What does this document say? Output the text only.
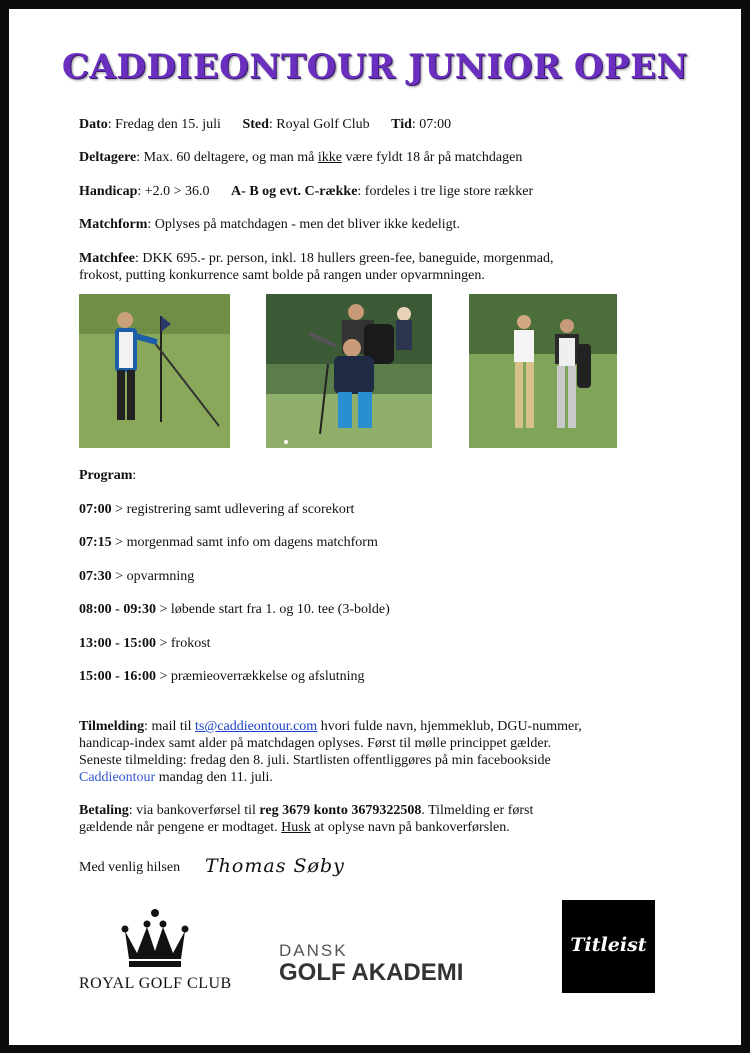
CADDIEONTOUR JUNIOR OPEN
Dato: Fredag den 15. juli Sted: Royal Golf Club Tid: 07:00
Deltagere: Max. 60 deltagere, og man må ikke være fyldt 18 år på matchdagen
Handicap: +2.0 > 36.0 A- B og evt. C-række: fordeles i tre lige store rækker
Matchform: Oplyses på matchdagen - men det bliver ikke kedeligt.
Matchfee: DKK 695.- pr. person, inkl. 18 hullers green-fee, baneguide, morgenmad,
frokost, putting konkurrence samt bolde på rangen under opvarmningen.
Program:
07:00 > registrering samt udlevering af scorekort
07:15 > morgenmad samt info om dagens matchform
07:30 > opvarmning
08:00 - 09:30 > løbende start fra 1. og 10. tee (3-bolde)
13:00 - 15:00 > frokost
15:00 - 16:00 > præmieoverrækkelse og afslutning
Tilmelding: mail til ts@caddieontour.com hvori fulde navn, hjemmeklub, DGU-nummer,
handicap-index samt alder på matchdagen oplyses. Først til mølle princippet gælder.
Seneste tilmelding: fredag den 8. juli. Startlisten offentliggøres på min facebookside
Caddieontour mandag den 11. juli.
Betaling: via bankoverførsel til reg 3679 konto 3679322508. Tilmelding er først
gældende når pengene er modtaget. Husk at oplyse navn på bankoverførslen.
Med venlig hilsen	Thomas Søby
ROYAL GOLF CLUB
DANSK
GOLF AKADEMI
Titleist
